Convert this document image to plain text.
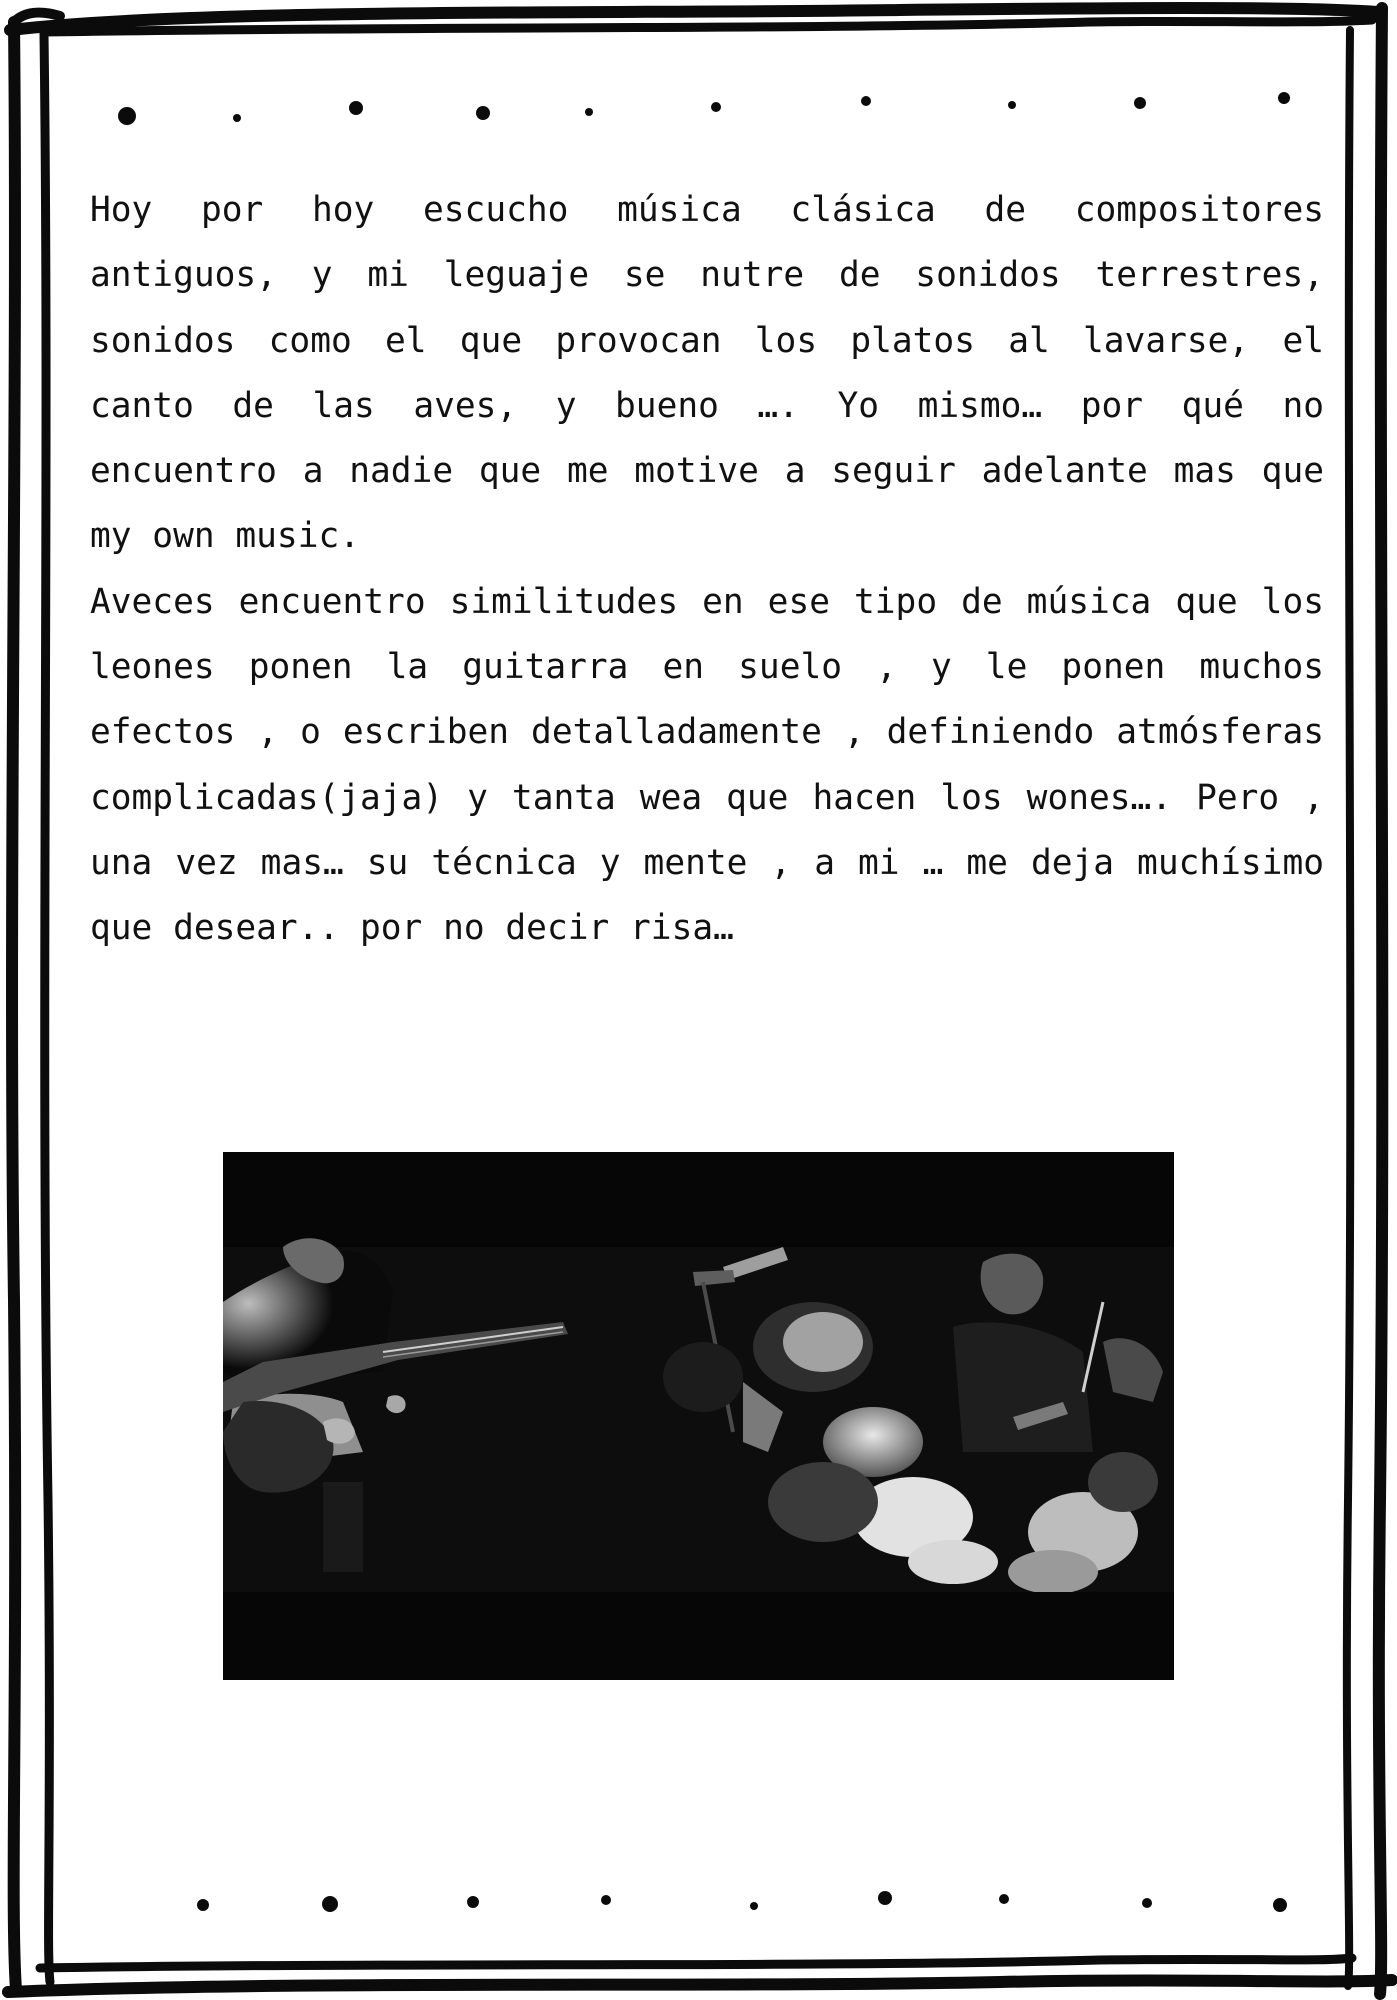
Hoy por hoy escucho música clásica de compositores antiguos, y mi leguaje se nutre de sonidos terrestres, sonidos como el que provocan los platos al lavarse, el canto de las aves, y bueno …. Yo mismo… por qué no encuentro a nadie que me motive a seguir adelante mas que my own music.

Aveces encuentro similitudes en ese tipo de música que los leones ponen la guitarra en suelo , y le ponen muchos efectos , o escriben detalladamente , definiendo atmósferas complicadas(jaja) y tanta wea que hacen los wones…. Pero , una vez mas… su técnica y mente , a mi … me deja muchísimo que desear.. por no decir risa…
